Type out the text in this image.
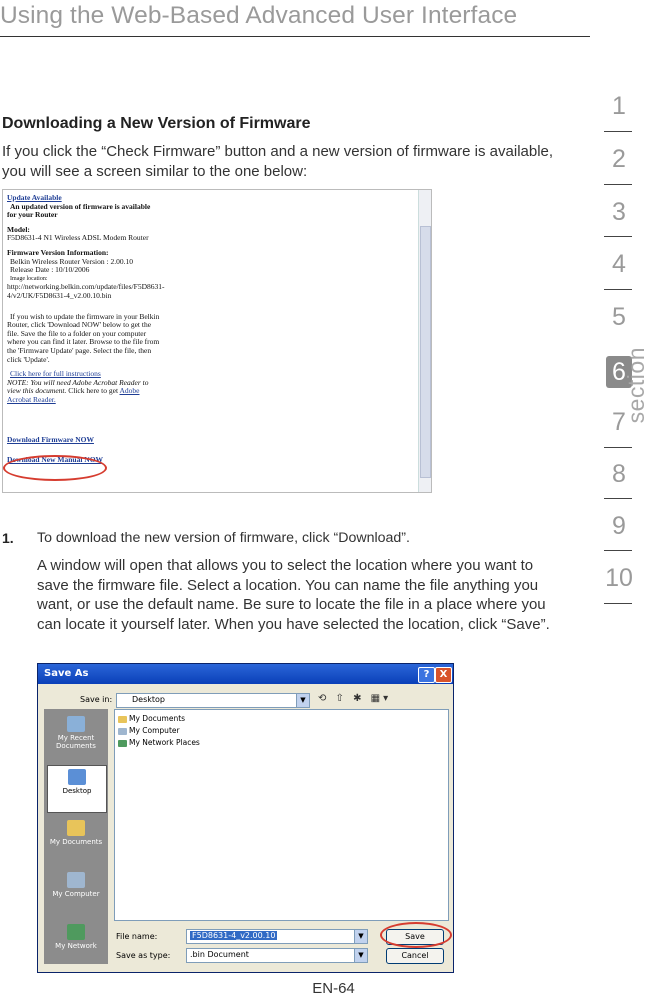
Using the Web-Based Advanced User Interface
1
2
3
4
5
6
7
8
9
10
section
Downloading a New Version of Firmware
If you click the “Check Firmware” button and a new version of firmware is available, you will see a screen similar to the one below:
Update Available
An updated version of firmware is available
for your Router
Model:
F5D8631-4 N1 Wireless ADSL Modem Router
Firmware Version Information:
Belkin Wireless Router Version : 2.00.10
Release Date : 10/10/2006
Image location:
http://networking.belkin.com/update/files/F5D8631-
4/v2/UK/F5D8631-4_v2.00.10.bin
If you wish to update the firmware in your Belkin
Router, click 'Download NOW' below to get the
file. Save the file to a folder on your computer
where you can find it later. Browse to the file from
the 'Firmware Update' page. Select the file, then
click 'Update'.
Click here for full instructions
NOTE: You will need Adobe Acrobat Reader to
view this document. Click here to get Adobe
Acrobat Reader.
Download Firmware NOW
Download New Manual NOW
1. To download the new version of firmware, click “Download”.
A window will open that allows you to select the location where you want to save the firmware file. Select a location. You can name the file anything you want, or use the default name. Be sure to locate the file in a place where you can locate it yourself later. When you have selected the location, click “Save”.
Save As	?	X
Save in:	Desktop	▼	⟲ ⇧ ✱ ▦▾
My Recent Documents
Desktop
My Documents
My Computer
My Network
My Documents
My Computer
My Network Places
File name:	F5D8631-4_v2.00.10	▼
Save as type: .bin Document	▼
Save
Cancel
EN-64
